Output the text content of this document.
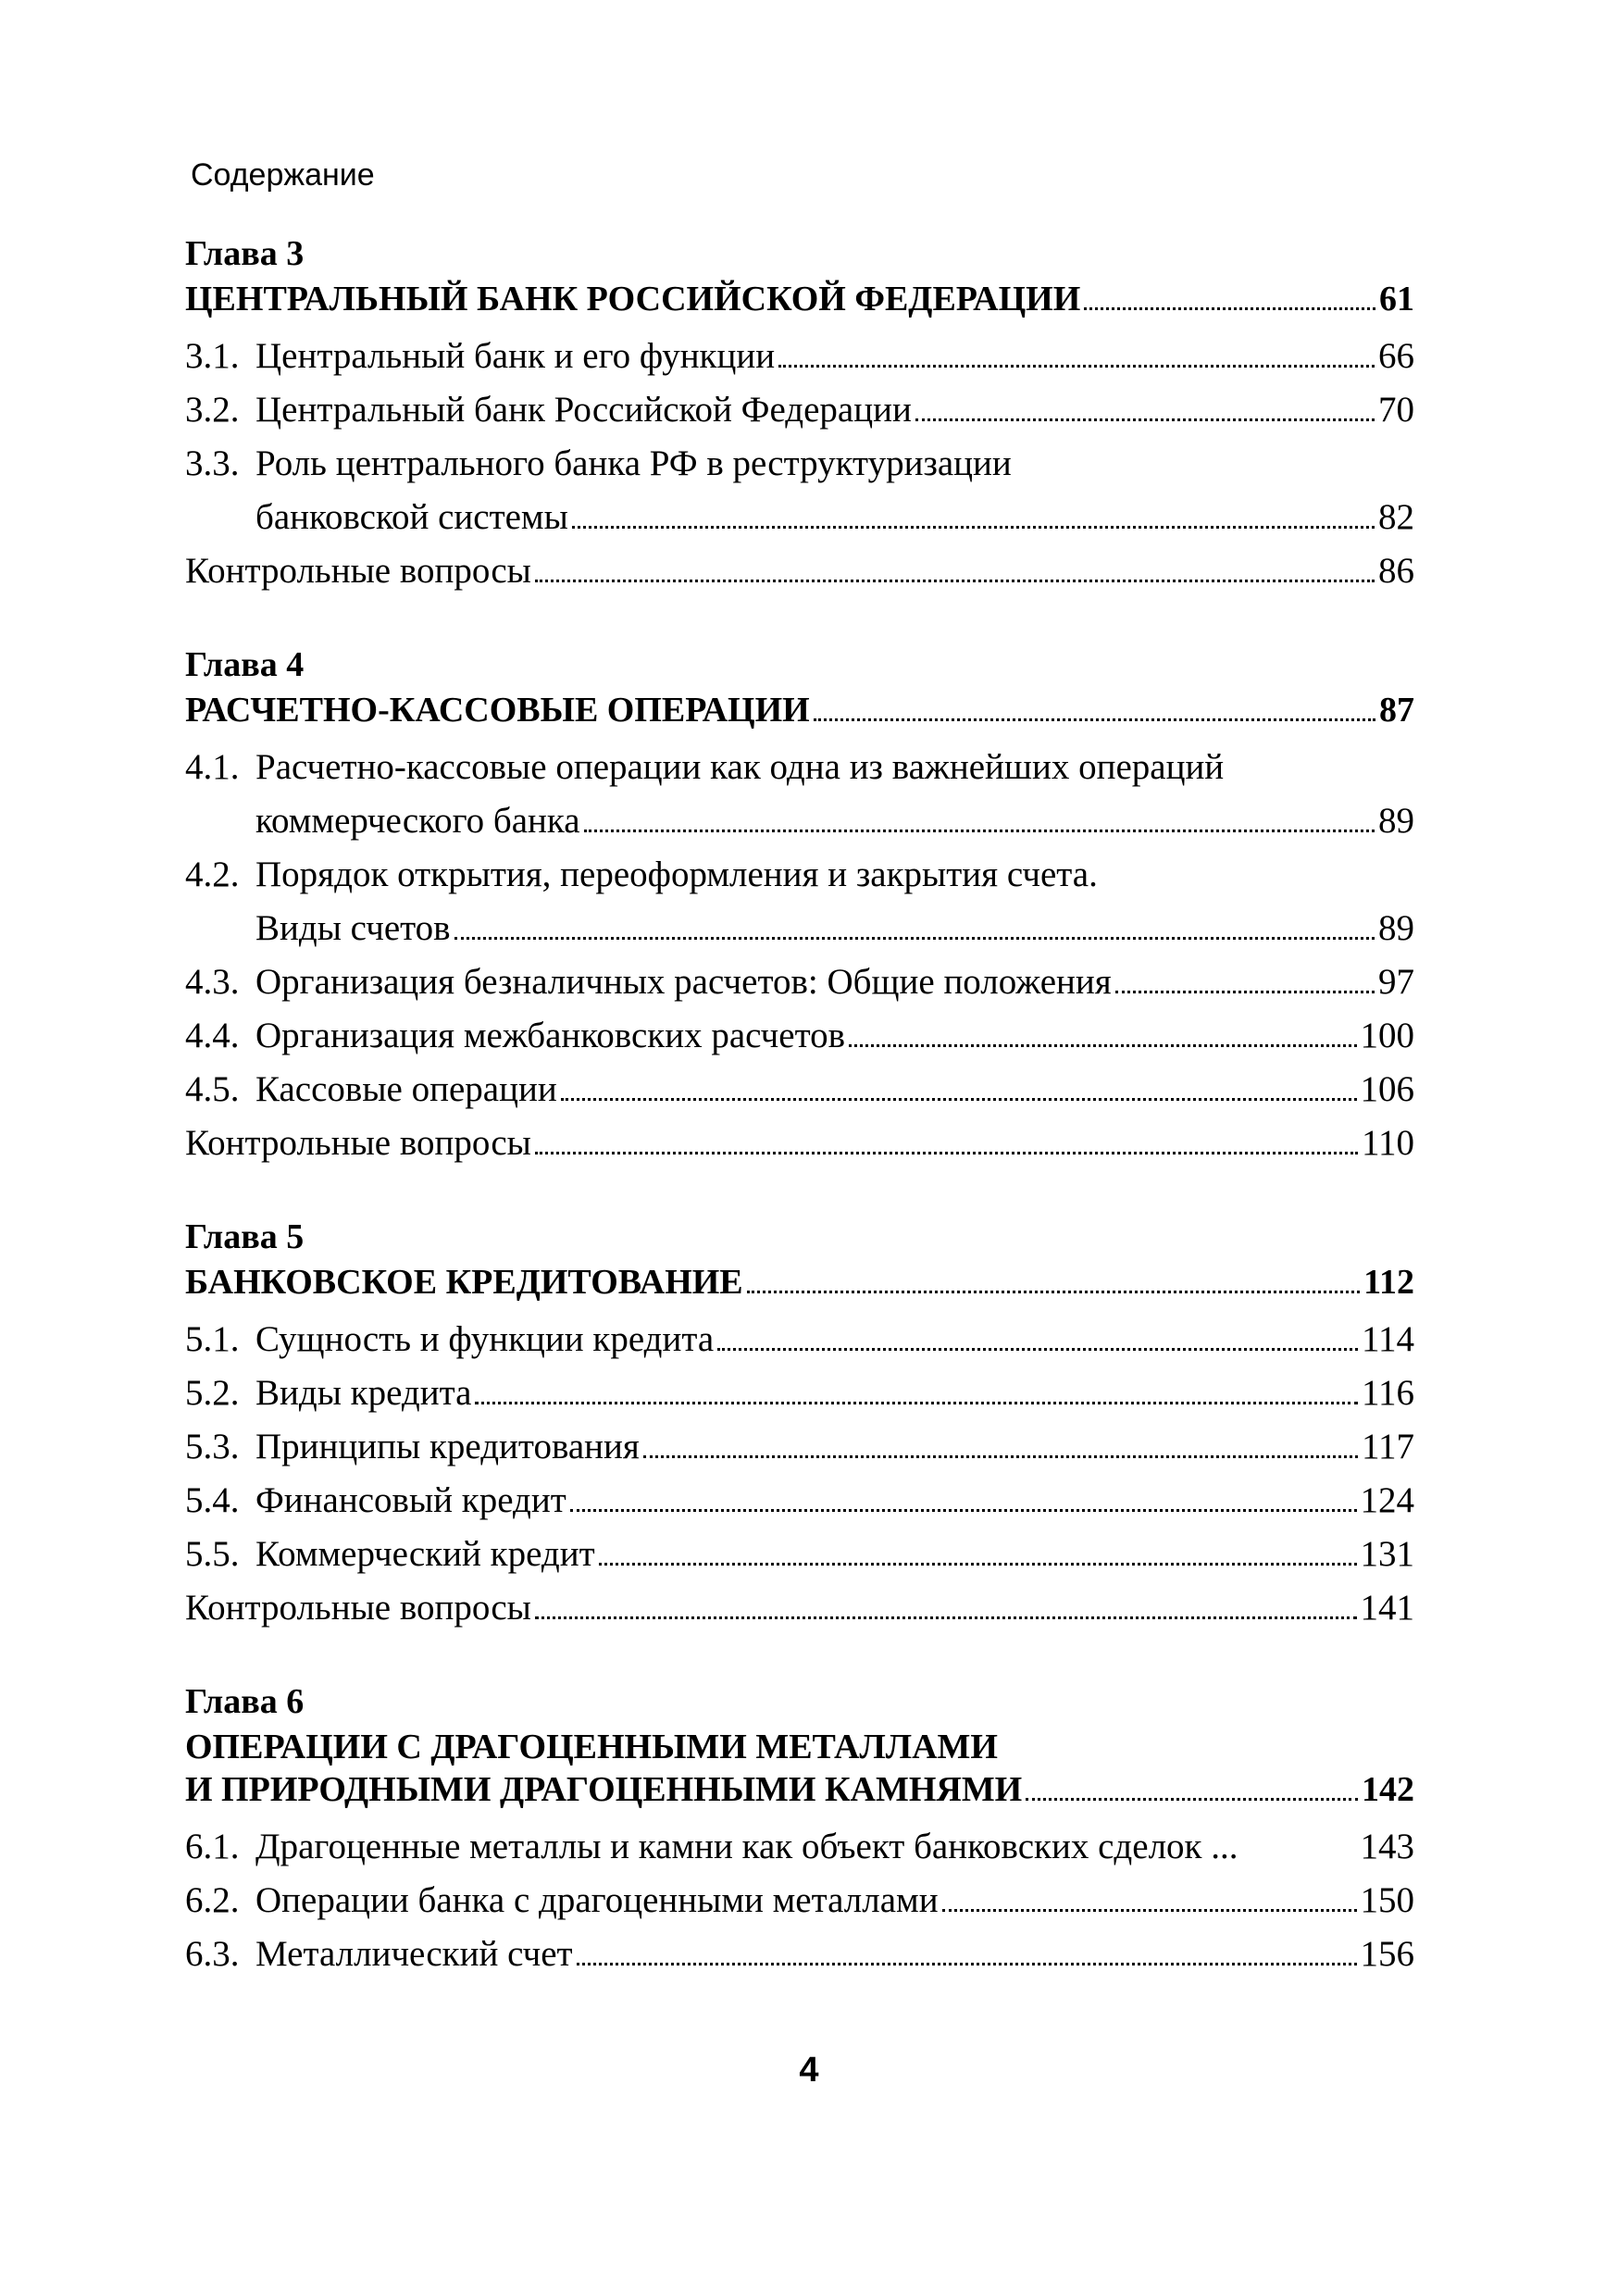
Содержание
Глава 3
ЦЕНТРАЛЬНЫЙ БАНК РОССИЙСКОЙ ФЕДЕРАЦИИ	61
3.1. Центральный банк и его функции	66
3.2. Центральный банк Российской Федерации	70
3.3. Роль центрального банка РФ в реструктуризации
банковской системы	82
Контрольные вопросы	86
Глава 4
РАСЧЕТНО-КАССОВЫЕ ОПЕРАЦИИ	87
4.1. Расчетно-кассовые операции как одна из важнейших операций
коммерческого банка	89
4.2. Порядок открытия, переоформления и закрытия счета.
Виды счетов	89
4.3. Организация безналичных расчетов: Общие положения	97
4.4. Организация межбанковских расчетов	100
4.5. Кассовые операции	106
Контрольные вопросы	110
Глава 5
БАНКОВСКОЕ КРЕДИТОВАНИЕ	112
5.1. Сущность и функции кредита	114
5.2. Виды кредита	116
5.3. Принципы кредитования	117
5.4. Финансовый кредит	124
5.5. Коммерческий кредит	131
Контрольные вопросы	141
Глава 6
ОПЕРАЦИИ С ДРАГОЦЕННЫМИ МЕТАЛЛАМИ
И ПРИРОДНЫМИ ДРАГОЦЕННЫМИ КАМНЯМИ	142
6.1. Драгоценные металлы и камни как объект банковских сделок ...	143
6.2. Операции банка с драгоценными металлами	150
6.3. Металлический счет	156
4
